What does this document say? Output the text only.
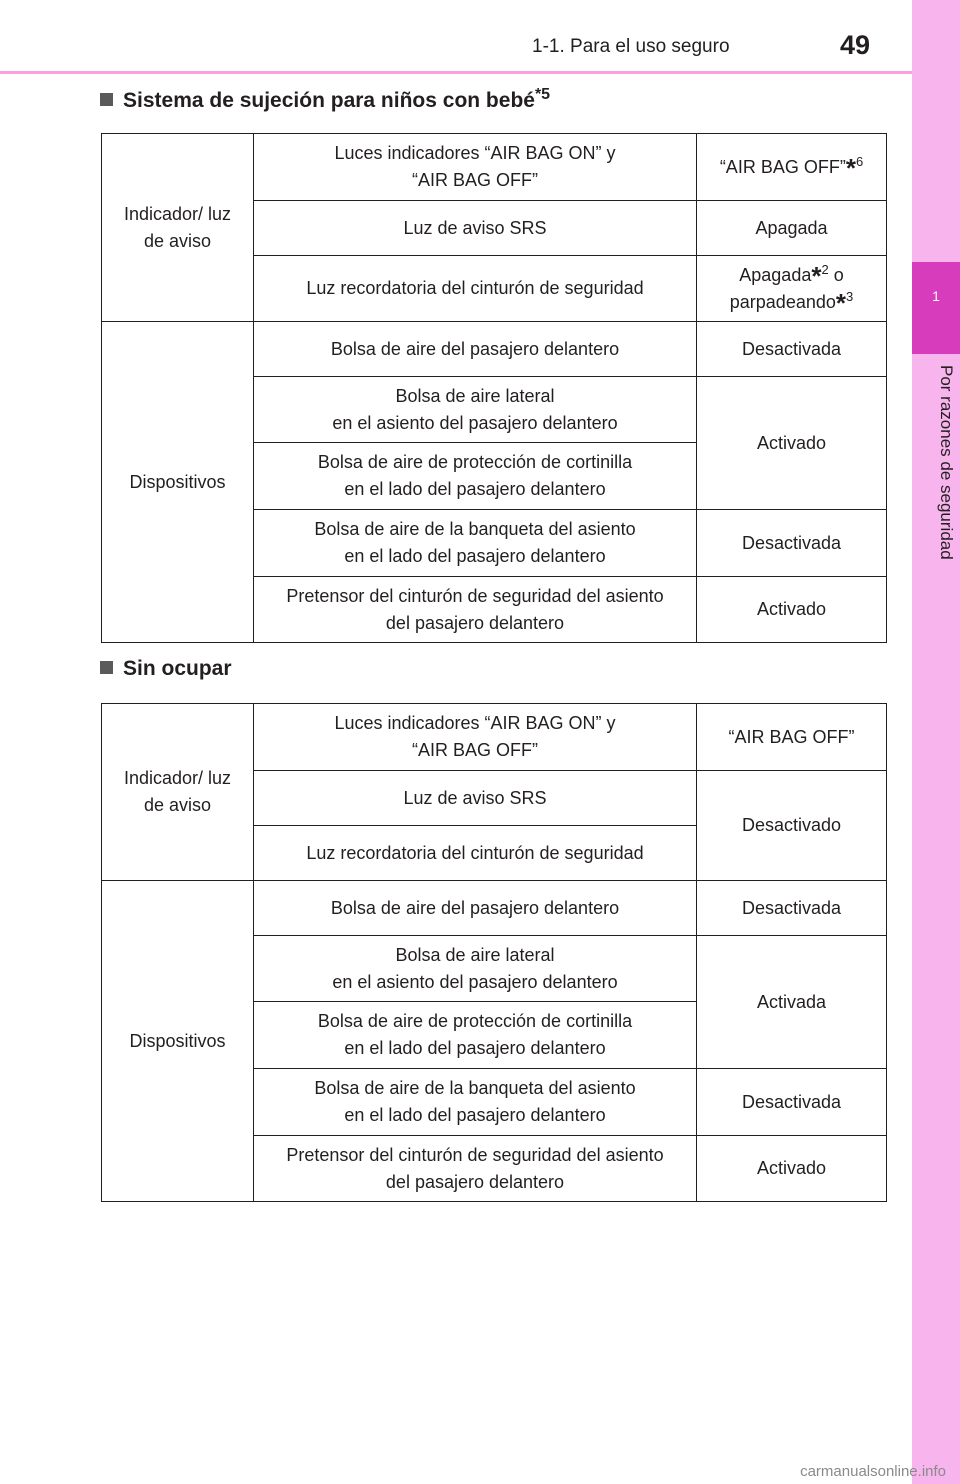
1
Por razones de seguridad
1-1. Para el uso seguro	49
Sistema de sujeción para niños con bebé$^{*5}$
Indicador/ luz de aviso	Luces indicadores “AIR BAG ON” y
“AIR BAG OFF”	“AIR BAG OFF”*$^6$
	Luz de aviso SRS	Apagada
	Luz recordatoria del cinturón de seguridad	Apagada*$^2$ o
parpadeando*$^3$
Dispositivos	Bolsa de aire del pasajero delantero	Desactivada
	Bolsa de aire lateral
en el asiento del pasajero delantero	Activado
	Bolsa de aire de protección de cortinilla
en el lado del pasajero delantero	
	Bolsa de aire de la banqueta del asiento
en el lado del pasajero delantero	Desactivada
	Pretensor del cinturón de seguridad del asiento
del pasajero delantero	Activado
Sin ocupar
Indicador/ luz de aviso	Luces indicadores “AIR BAG ON” y
“AIR BAG OFF”	“AIR BAG OFF”
	Luz de aviso SRS	Desactivado
	Luz recordatoria del cinturón de seguridad	
Dispositivos	Bolsa de aire del pasajero delantero	Desactivada
	Bolsa de aire lateral
en el asiento del pasajero delantero	Activada
	Bolsa de aire de protección de cortinilla
en el lado del pasajero delantero	
	Bolsa de aire de la banqueta del asiento
en el lado del pasajero delantero	Desactivada
	Pretensor del cinturón de seguridad del asiento
del pasajero delantero	Activado
carmanualsonline.info
